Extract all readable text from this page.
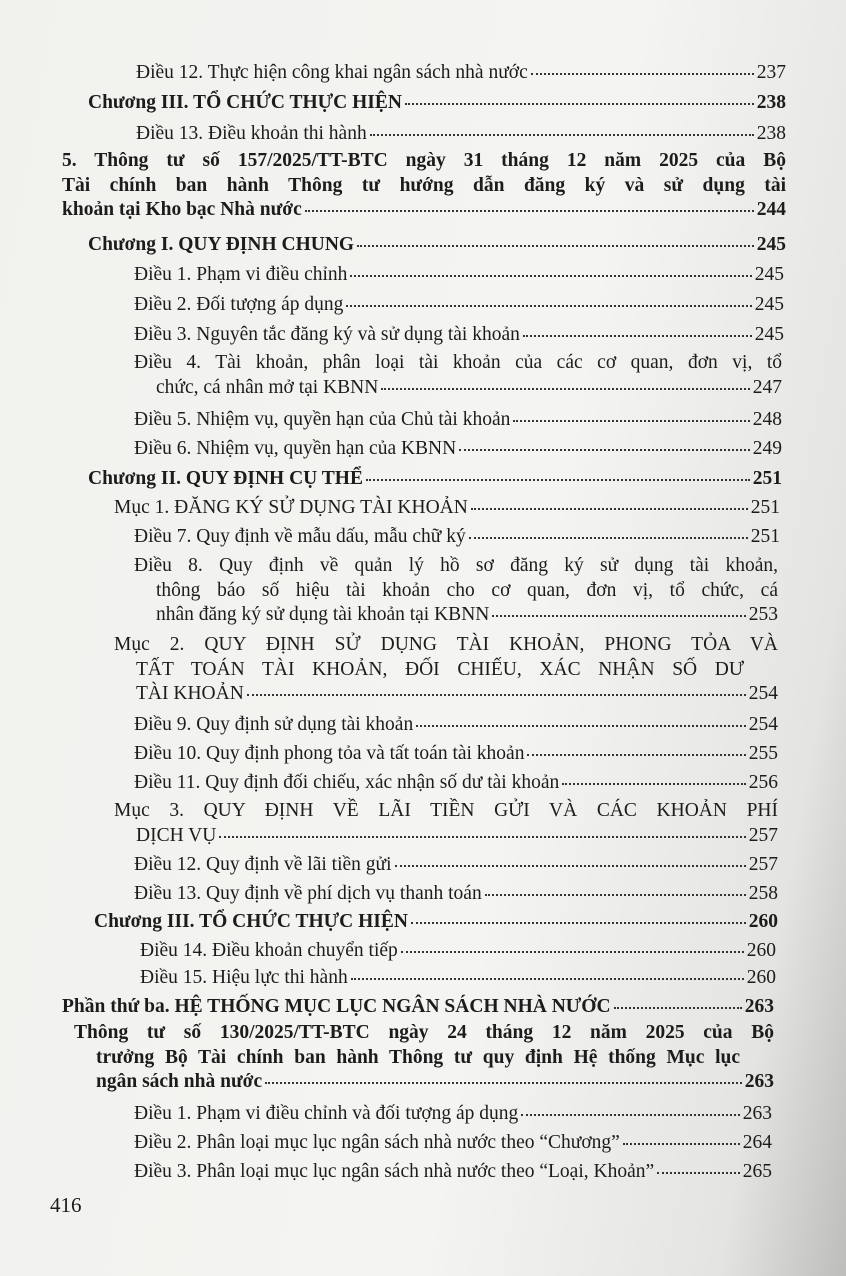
416
Điều 12. Thực hiện công khai ngân sách nhà nước	237
Chương III. TỔ CHỨC THỰC HIỆN	238
Điều 13. Điều khoản thi hành	238
5. Thông tư số 157/2025/TT-BTC ngày 31 tháng 12 năm 2025 của Bộ
Tài chính ban hành Thông tư hướng dẫn đăng ký và sử dụng tài
khoản tại Kho bạc Nhà nước	244
Chương I. QUY ĐỊNH CHUNG	245
Điều 1. Phạm vi điều chỉnh	245
Điều 2. Đối tượng áp dụng	245
Điều 3. Nguyên tắc đăng ký và sử dụng tài khoản	245
Điều 4. Tài khoản, phân loại tài khoản của các cơ quan, đơn vị, tổ
chức, cá nhân mở tại KBNN	247
Điều 5. Nhiệm vụ, quyền hạn của Chủ tài khoản	248
Điều 6. Nhiệm vụ, quyền hạn của KBNN	249
Chương II. QUY ĐỊNH CỤ THỂ	251
Mục 1. ĐĂNG KÝ SỬ DỤNG TÀI KHOẢN	251
Điều 7. Quy định về mẫu dấu, mẫu chữ ký	251
Điều 8. Quy định về quản lý hồ sơ đăng ký sử dụng tài khoản,
thông báo số hiệu tài khoản cho cơ quan, đơn vị, tổ chức, cá
nhân đăng ký sử dụng tài khoản tại KBNN	253
Mục 2. QUY ĐỊNH SỬ DỤNG TÀI KHOẢN, PHONG TỎA VÀ
TẤT TOÁN TÀI KHOẢN, ĐỐI CHIẾU, XÁC NHẬN SỐ DƯ
TÀI KHOẢN	254
Điều 9. Quy định sử dụng tài khoản	254
Điều 10. Quy định phong tỏa và tất toán tài khoản	255
Điều 11. Quy định đối chiếu, xác nhận số dư tài khoản	256
Mục 3. QUY ĐỊNH VỀ LÃI TIỀN GỬI VÀ CÁC KHOẢN PHÍ
DỊCH VỤ	257
Điều 12. Quy định về lãi tiền gửi	257
Điều 13. Quy định về phí dịch vụ thanh toán	258
Chương III. TỔ CHỨC THỰC HIỆN	260
Điều 14. Điều khoản chuyển tiếp	260
Điều 15. Hiệu lực thi hành	260
Phần thứ ba. HỆ THỐNG MỤC LỤC NGÂN SÁCH NHÀ NƯỚC	263
Thông tư số 130/2025/TT-BTC ngày 24 tháng 12 năm 2025 của Bộ
trưởng Bộ Tài chính ban hành Thông tư quy định Hệ thống Mục lục
ngân sách nhà nước	263
Điều 1. Phạm vi điều chỉnh và đối tượng áp dụng	263
Điều 2. Phân loại mục lục ngân sách nhà nước theo “Chương”	264
Điều 3. Phân loại mục lục ngân sách nhà nước theo “Loại, Khoản”	265
